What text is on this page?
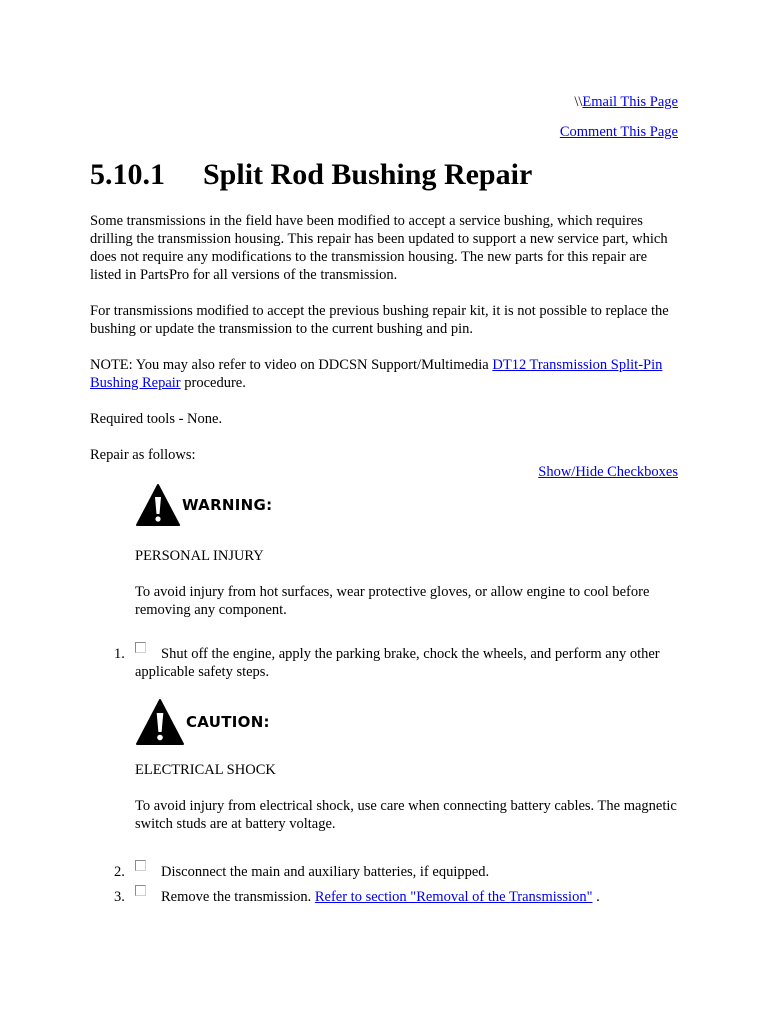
\\Email This Page
Comment This Page
5.10.1 Split Rod Bushing Repair

Some transmissions in the field have been modified to accept a service bushing, which requires drilling the transmission housing. This repair has been updated to support a new service part, which does not require any modifications to the transmission housing. The new parts for this repair are listed in PartsPro for all versions of the transmission.

For transmissions modified to accept the previous bushing repair kit, it is not possible to replace the bushing or update the transmission to the current bushing and pin.

NOTE: You may also refer to video on DDCSN Support/Multimedia DT12 Transmission Split-Pin Bushing Repair procedure.

Required tools - None.

Repair as follows:

Show/Hide Checkboxes
WARNING:

PERSONAL INJURY

To avoid injury from hot surfaces, wear protective gloves, or allow engine to cool before removing any component.

1.	Shut off the engine, apply the parking brake, chock the wheels, and perform any other applicable safety steps.
CAUTION:

ELECTRICAL SHOCK

To avoid injury from electrical shock, use care when connecting battery cables. The magnetic switch studs are at battery voltage.

2.	Disconnect the main and auxiliary batteries, if equipped.
3.	Remove the transmission. Refer to section "Removal of the Transmission" .
